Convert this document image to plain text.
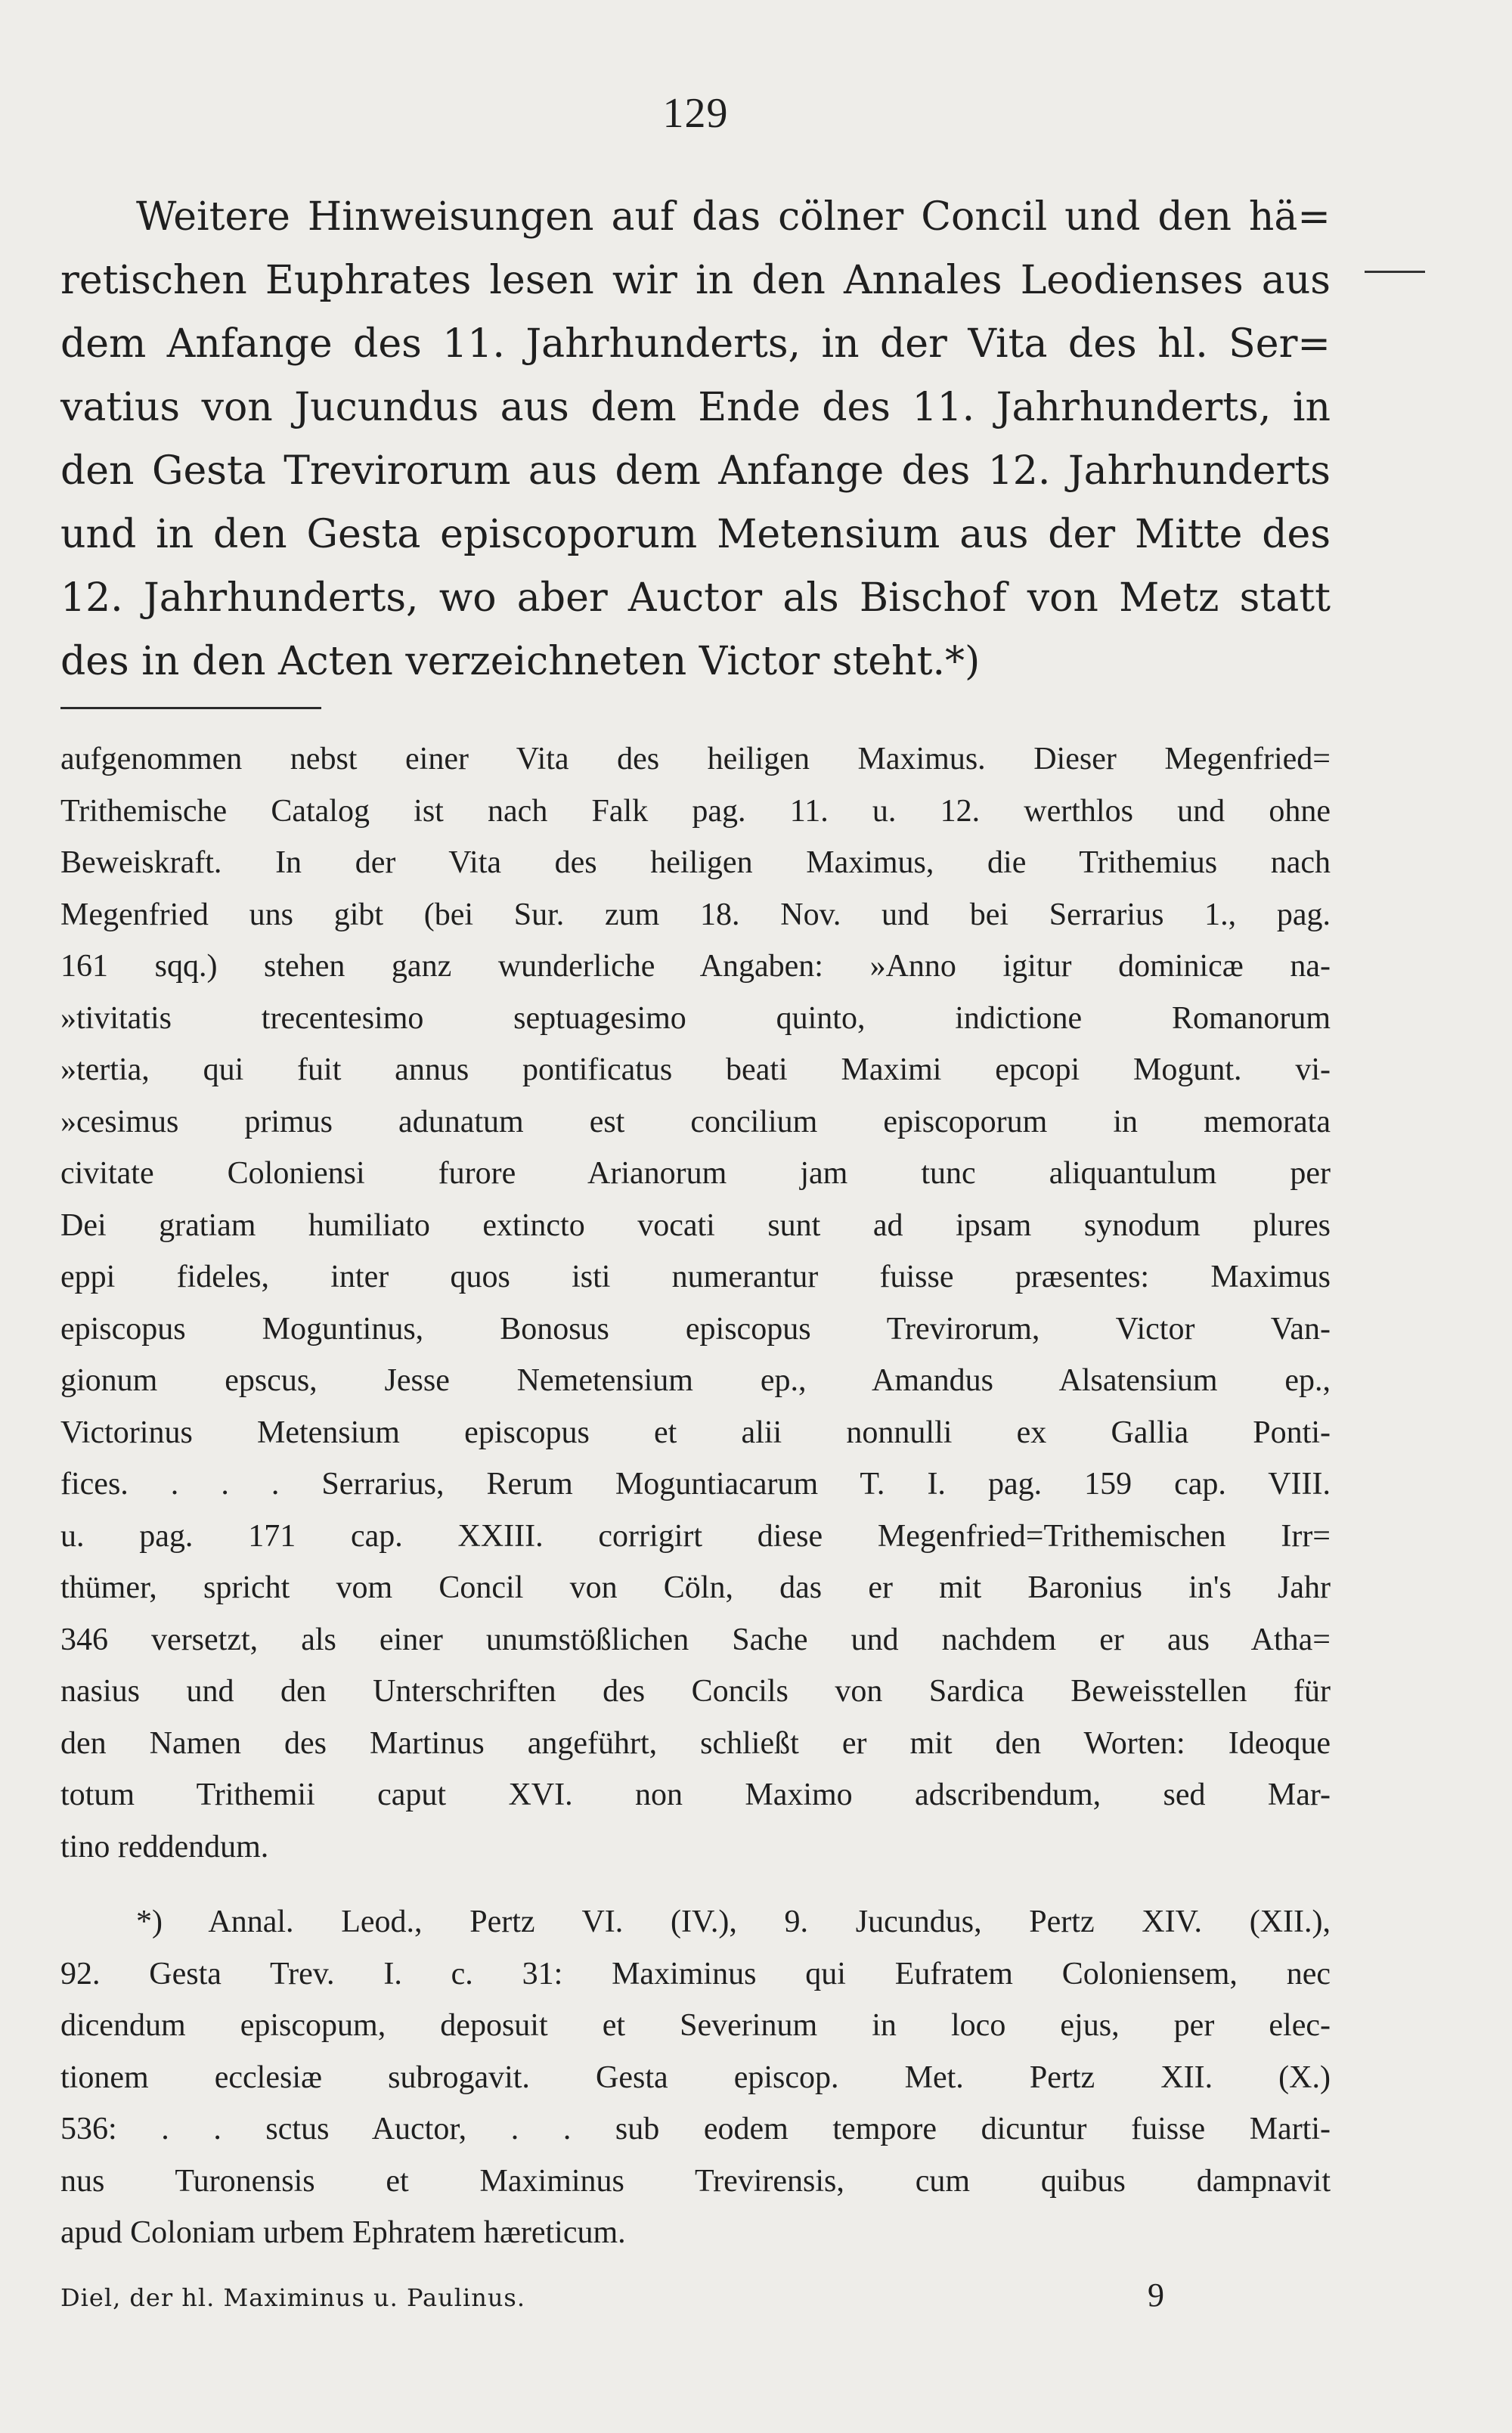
129
Weitere Hinweisungen auf das cölner Concil und den hä=
retischen Euphrates lesen wir in den Annales Leodienses aus
dem Anfange des 11. Jahrhunderts, in der Vita des hl. Ser=
vatius von Jucundus aus dem Ende des 11. Jahrhunderts, in
den Gesta Trevirorum aus dem Anfange des 12. Jahrhunderts
und in den Gesta episcoporum Metensium aus der Mitte des
12. Jahrhunderts, wo aber Auctor als Bischof von Metz statt
des in den Acten verzeichneten Victor steht.*)
aufgenommen nebst einer Vita des heiligen Maximus. Dieser Megenfried=
Trithemische Catalog ist nach Falk pag. 11. u. 12. werthlos und ohne
Beweiskraft. In der Vita des heiligen Maximus, die Trithemius nach
Megenfried uns gibt (bei Sur. zum 18. Nov. und bei Serrarius 1., pag.
161 sqq.) stehen ganz wunderliche Angaben: »Anno igitur dominicæ na-
»tivitatis trecentesimo septuagesimo quinto, indictione Romanorum
»tertia, qui fuit annus pontificatus beati Maximi epcopi Mogunt. vi-
»cesimus primus adunatum est concilium episcoporum in memorata
civitate Coloniensi furore Arianorum jam tunc aliquantulum per
Dei gratiam humiliato extincto vocati sunt ad ipsam synodum plures
eppi fideles, inter quos isti numerantur fuisse præsentes: Maximus
episcopus Moguntinus, Bonosus episcopus Trevirorum, Victor Van-
gionum epscus, Jesse Nemetensium ep., Amandus Alsatensium ep.,
Victorinus Metensium episcopus et alii nonnulli ex Gallia Ponti-
fices. . . . Serrarius, Rerum Moguntiacarum T. I. pag. 159 cap. VIII.
u. pag. 171 cap. XXIII. corrigirt diese Megenfried=Trithemischen Irr=
thümer, spricht vom Concil von Cöln, das er mit Baronius in's Jahr
346 versetzt, als einer unumstößlichen Sache und nachdem er aus Atha=
nasius und den Unterschriften des Concils von Sardica Beweisstellen für
den Namen des Martinus angeführt, schließt er mit den Worten: Ideoque
totum Trithemii caput XVI. non Maximo adscribendum, sed Mar-
tino reddendum.
*) Annal. Leod., Pertz VI. (IV.), 9. Jucundus, Pertz XIV. (XII.),
92. Gesta Trev. I. c. 31: Maximinus qui Eufratem Coloniensem, nec
dicendum episcopum, deposuit et Severinum in loco ejus, per elec-
tionem ecclesiæ subrogavit. Gesta episcop. Met. Pertz XII. (X.)
536: . . sctus Auctor, . . sub eodem tempore dicuntur fuisse Marti-
nus Turonensis et Maximinus Trevirensis, cum quibus dampnavit
apud Coloniam urbem Ephratem hæreticum.
Diel, der hl. Maximinus u. Paulinus.	9
